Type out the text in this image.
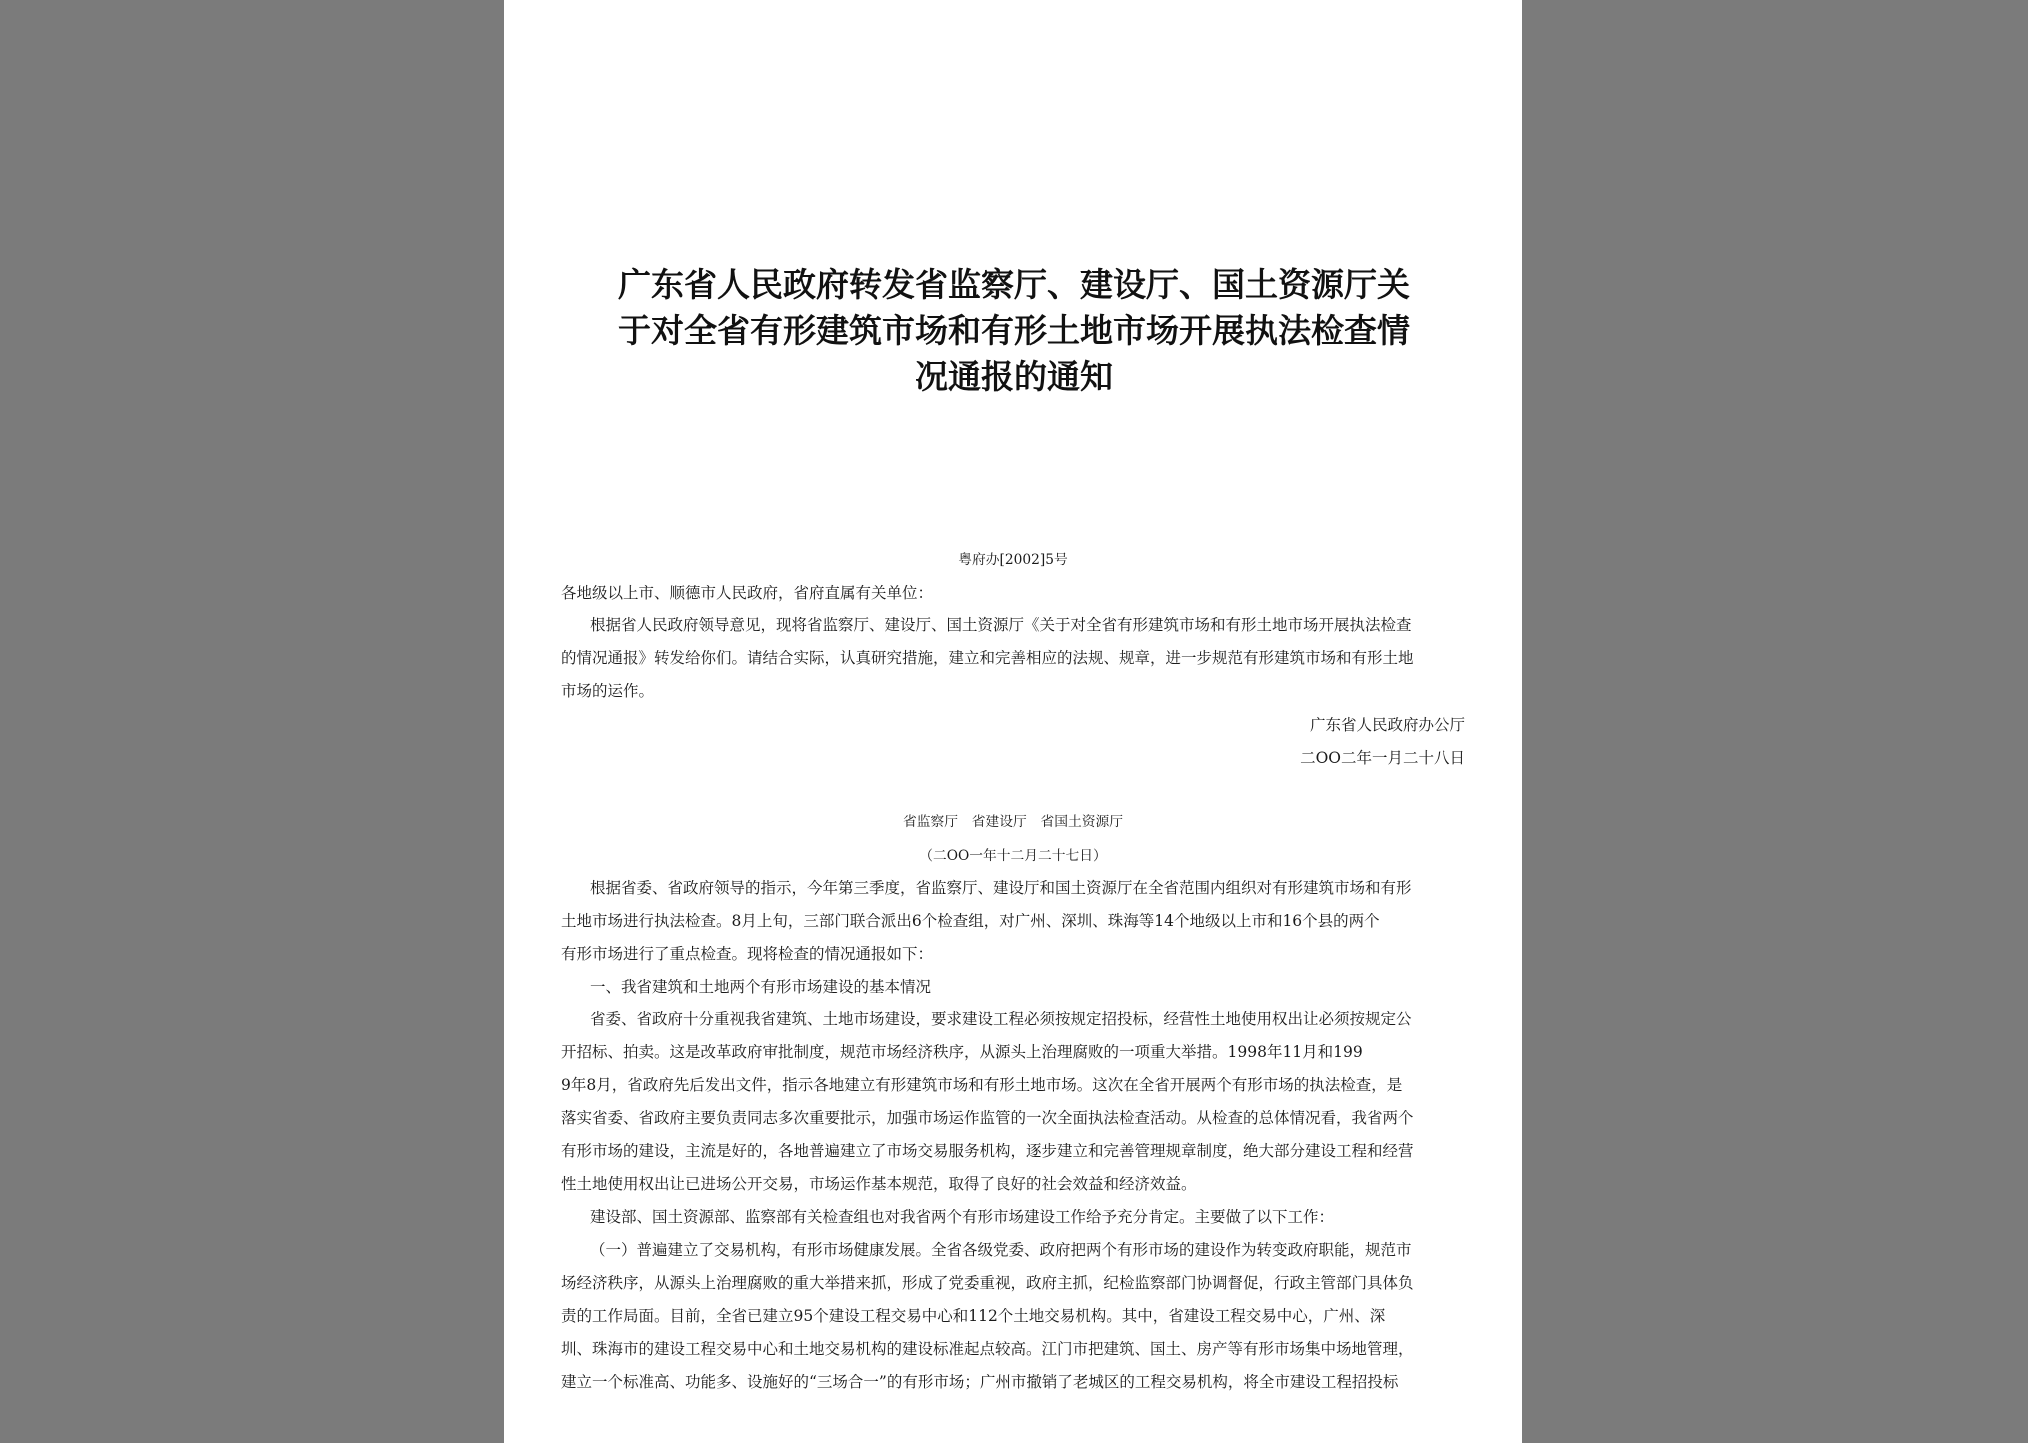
广东省人民政府转发省监察厅、建设厅、国土资源厅关
于对全省有形建筑市场和有形土地市场开展执法检查情
况通报的通知
粤府办[2002]5号
各地级以上市、顺德市人民政府，省府直属有关单位：
根据省人民政府领导意见，现将省监察厅、建设厅、国土资源厅《关于对全省有形建筑市场和有形土地市场开展执法检查
的情况通报》转发给你们。请结合实际，认真研究措施，建立和完善相应的法规、规章，进一步规范有形建筑市场和有形土地
市场的运作。
广东省人民政府办公厅
二OO二年一月二十八日
省监察厅　省建设厅　省国土资源厅
（二OO一年十二月二十七日）
根据省委、省政府领导的指示，今年第三季度，省监察厅、建设厅和国土资源厅在全省范围内组织对有形建筑市场和有形
土地市场进行执法检查。8月上旬，三部门联合派出6个检查组，对广州、深圳、珠海等14个地级以上市和16个县的两个
有形市场进行了重点检查。现将检查的情况通报如下：
一、我省建筑和土地两个有形市场建设的基本情况
省委、省政府十分重视我省建筑、土地市场建设，要求建设工程必须按规定招投标，经营性土地使用权出让必须按规定公
开招标、拍卖。这是改革政府审批制度，规范市场经济秩序，从源头上治理腐败的一项重大举措。1998年11月和199
9年8月，省政府先后发出文件，指示各地建立有形建筑市场和有形土地市场。这次在全省开展两个有形市场的执法检查，是
落实省委、省政府主要负责同志多次重要批示，加强市场运作监管的一次全面执法检查活动。从检查的总体情况看，我省两个
有形市场的建设，主流是好的，各地普遍建立了市场交易服务机构，逐步建立和完善管理规章制度，绝大部分建设工程和经营
性土地使用权出让已进场公开交易，市场运作基本规范，取得了良好的社会效益和经济效益。
建设部、国土资源部、监察部有关检查组也对我省两个有形市场建设工作给予充分肯定。主要做了以下工作：
（一）普遍建立了交易机构，有形市场健康发展。全省各级党委、政府把两个有形市场的建设作为转变政府职能，规范市
场经济秩序，从源头上治理腐败的重大举措来抓，形成了党委重视，政府主抓，纪检监察部门协调督促，行政主管部门具体负
责的工作局面。目前，全省已建立95个建设工程交易中心和112个土地交易机构。其中，省建设工程交易中心，广州、深
圳、珠海市的建设工程交易中心和土地交易机构的建设标准起点较高。江门市把建筑、国土、房产等有形市场集中场地管理，
建立一个标准高、功能多、设施好的“三场合一”的有形市场；广州市撤销了老城区的工程交易机构，将全市建设工程招投标
